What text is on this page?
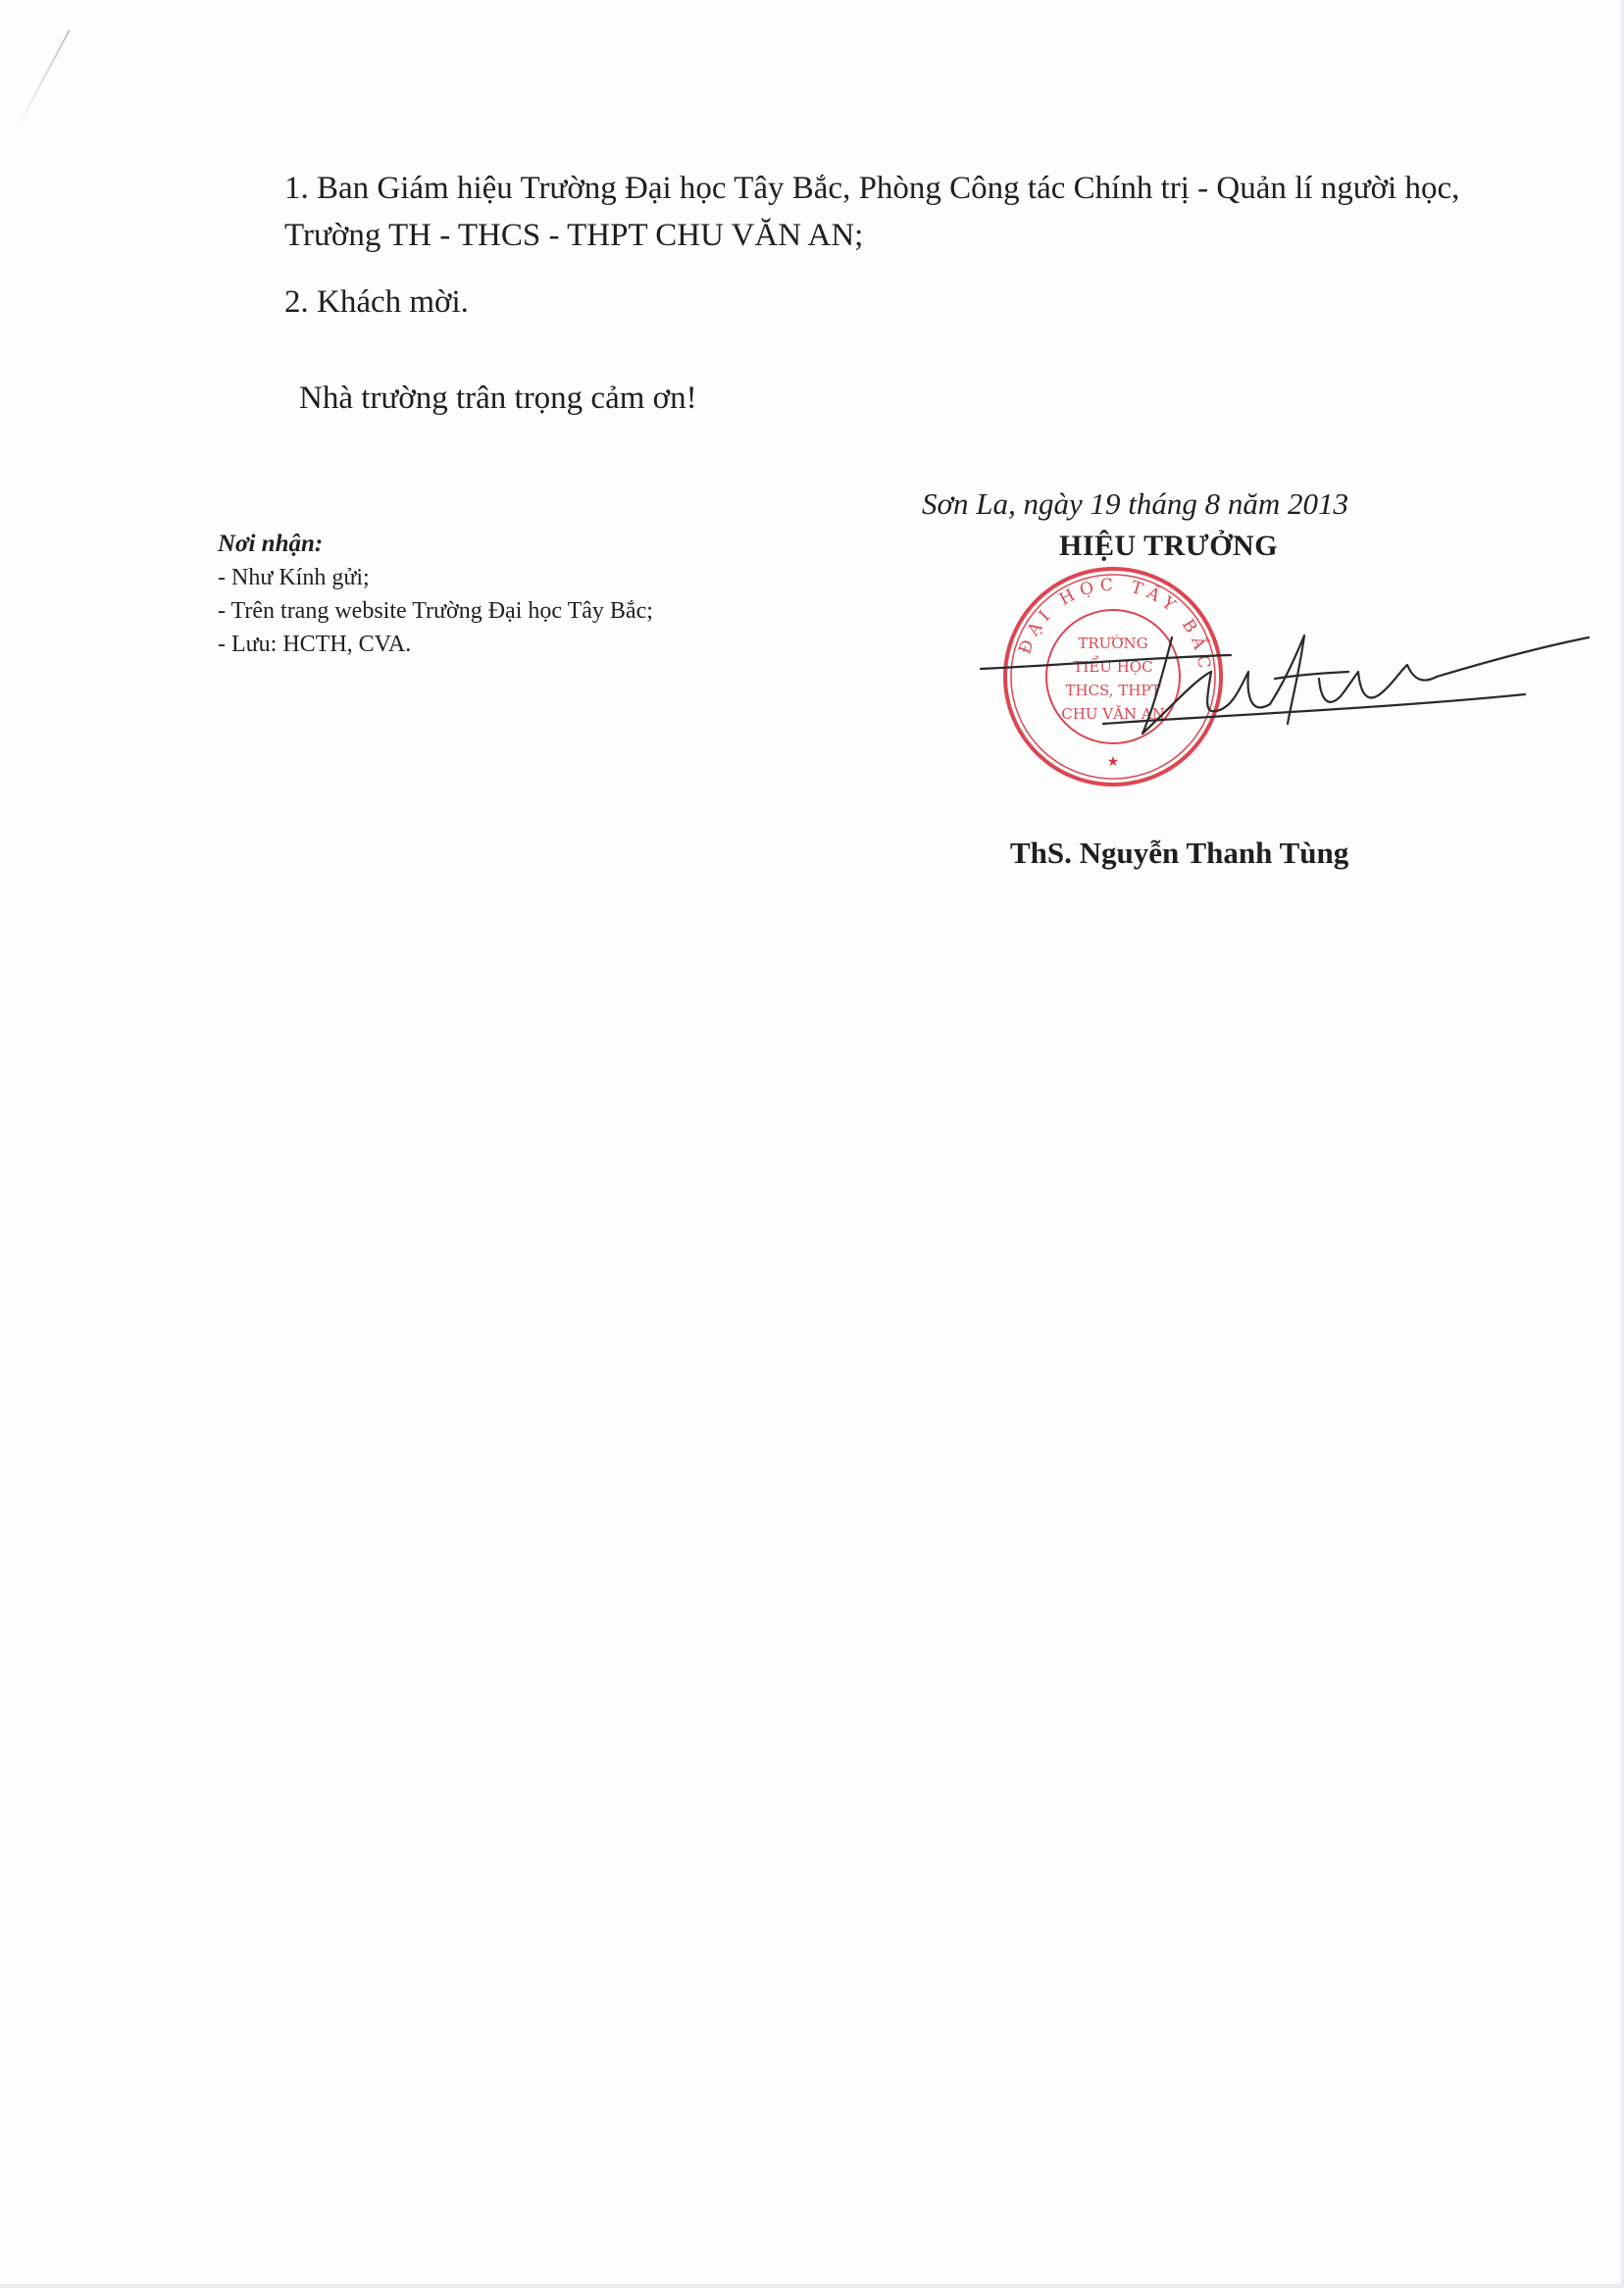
1. Ban Giám hiệu Trường Đại học Tây Bắc, Phòng Công tác Chính trị - Quản lí người học, Trường TH - THCS - THPT CHU VĂN AN;

2. Khách mời.

Nhà trường trân trọng cảm ơn!
Nơi nhận:
- Như Kính gửi;
- Trên trang website Trường Đại học Tây Bắc;
- Lưu: HCTH, CVA.
Sơn La, ngày 19 tháng 8 năm 2013
HIỆU TRƯỞNG
ĐẠI HỌC TÂY BẮC
TRƯỜNG
TIỂU HỌC
THCS, THPT
CHU VĂN AN
★
ThS. Nguyễn Thanh Tùng
